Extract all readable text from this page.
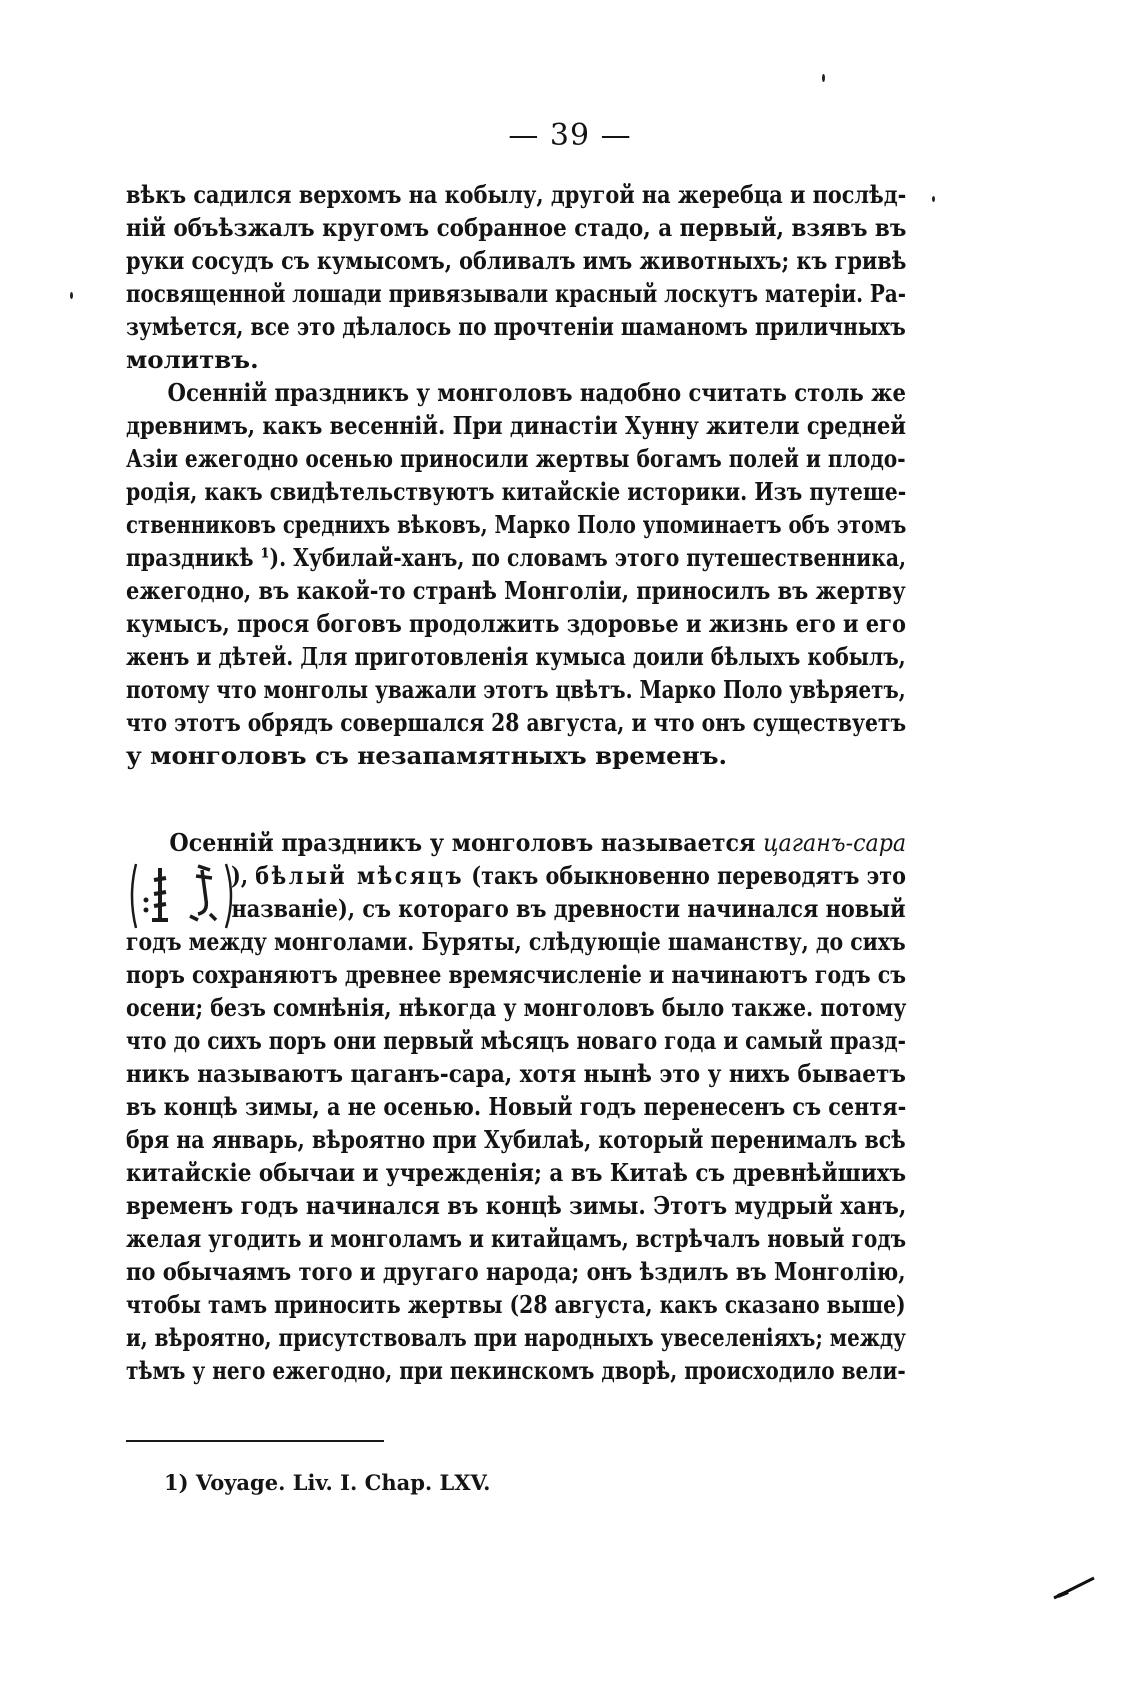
— 39 —
вѣкъ садился верхомъ на кобылу, другой на жеребца и послѣд-
нiй объѣзжалъ кругомъ собранное стадо, а первый, взявъ въ
руки сосудъ съ кумысомъ, обливалъ имъ животныхъ; къ гривѣ
посвященной лошади привязывали красный лоскутъ матерiи. Ра-
зумѣется, все это дѣлалось по прочтенiи шаманомъ приличныхъ
молитвъ.
Осеннiй праздникъ у монголовъ надобно считать столь же
древнимъ, какъ весеннiй. При династiи Хунну жители средней
Азiи ежегодно осенью приносили жертвы богамъ полей и плодо-
родiя, какъ свидѣтельствуютъ китайскiе историки. Изъ путеше-
ственниковъ среднихъ вѣковъ, Марко Поло упоминаетъ объ этомъ
праздникѣ ¹). Хубилай-ханъ, по словамъ этого путешественника,
ежегодно, въ какой-то странѣ Монголiи, приносилъ въ жертву
кумысъ, прося боговъ продолжить здоровье и жизнь его и его
женъ и дѣтей. Для приготовленiя кумыса доили бѣлыхъ кобылъ,
потому что монголы уважали этотъ цвѣтъ. Марко Поло увѣряетъ,
что этотъ обрядъ совершался 28 августа, и что онъ существуетъ
у монголовъ съ незапамятныхъ временъ.
Осеннiй праздникъ у монголовъ называется цаганъ-сара
), бѣлый мѣсяцъ (такъ обыкновенно переводятъ это
названiе), съ котораго въ древности начинался новый
годъ между монголами. Буряты, слѣдующiе шаманству, до сихъ
поръ сохраняютъ древнее времясчисленiе и начинаютъ годъ съ
осени; безъ сомнѣнiя, нѣкогда у монголовъ было также. потому
что до сихъ поръ они первый мѣсяцъ новаго года и самый празд-
никъ называютъ цаганъ-сара, хотя нынѣ это у нихъ бываетъ
въ концѣ зимы, а не осенью. Новый годъ перенесенъ съ сентя-
бря на январь, вѣроятно при Хубилаѣ, который перенималъ всѣ
китайскiе обычаи и учрежденiя; а въ Китаѣ съ древнѣйшихъ
временъ годъ начинался въ концѣ зимы. Этотъ мудрый ханъ,
желая угодить и монголамъ и китайцамъ, встрѣчалъ новый годъ
по обычаямъ того и другаго народа; онъ ѣздилъ въ Монголiю,
чтобы тамъ приносить жертвы (28 августа, какъ сказано выше)
и, вѣроятно, присутствовалъ при народныхъ увеселенiяхъ; между
тѣмъ у него ежегодно, при пекинскомъ дворѣ, происходило вели-
1) Voyage. Liv. I. Chap. LXV.
